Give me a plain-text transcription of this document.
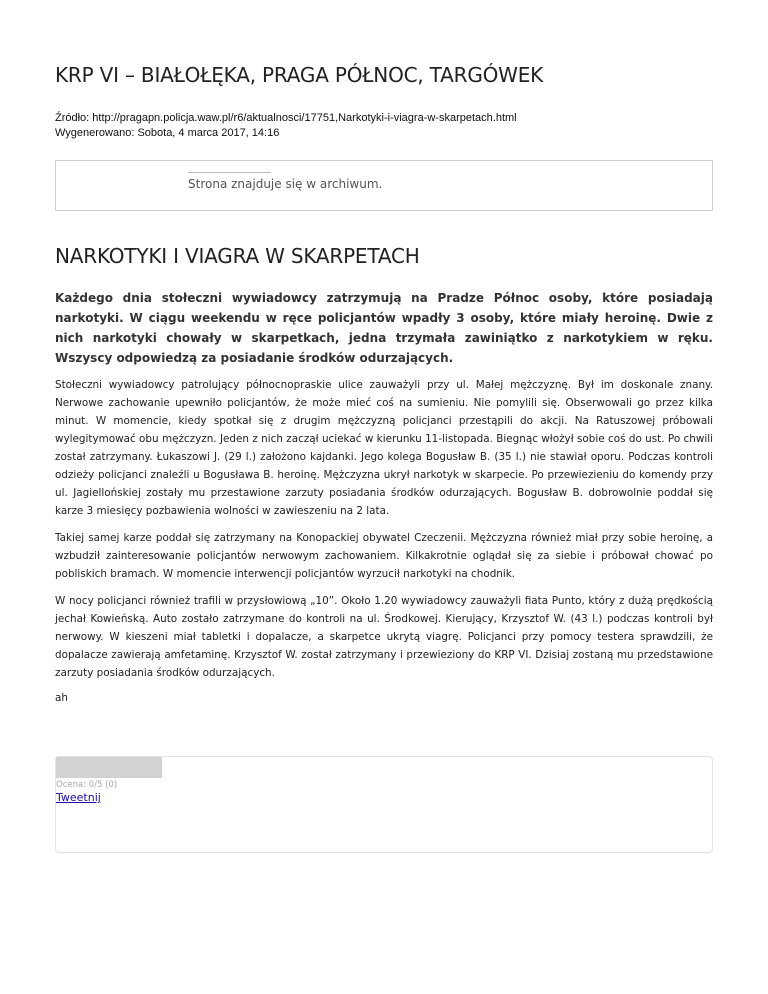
KRP VI – BIAŁOŁĘKA, PRAGA PÓŁNOC, TARGÓWEK
Źródło: http://pragapn.policja.waw.pl/r6/aktualnosci/17751,Narkotyki-i-viagra-w-skarpetach.html
Wygenerowano: Sobota, 4 marca 2017, 14:16
Strona znajduje się w archiwum.
NARKOTYKI I VIAGRA W SKARPETACH

Każdego dnia stołeczni wywiadowcy zatrzymują na Pradze Północ osoby, które posiadają narkotyki. W ciągu weekendu w ręce policjantów wpadły 3 osoby, które miały heroinę. Dwie z nich narkotyki chowały w skarpetkach, jedna trzymała zawiniątko z narkotykiem w ręku. Wszyscy odpowiedzą za posiadanie środków odurzających.

Stołeczni wywiadowcy patrolujący północnopraskie ulice zauważyli przy ul. Małej mężczyznę. Był im doskonale znany. Nerwowe zachowanie upewniło policjantów, że może mieć coś na sumieniu. Nie pomylili się. Obserwowali go przez kilka minut. W momencie, kiedy spotkał się z drugim mężczyzną policjanci przestąpili do akcji. Na Ratuszowej próbowali wylegitymować obu mężczyzn. Jeden z nich zaczął uciekać w kierunku 11-listopada. Biegnąc włożył sobie coś do ust. Po chwili został zatrzymany. Łukaszowi J. (29 l.) założono kajdanki. Jego kolega Bogusław B. (35 l.) nie stawiał oporu. Podczas kontroli odzieży policjanci znaleźli u Bogusława B. heroinę. Mężczyzna ukrył narkotyk w skarpecie. Po przewiezieniu do komendy przy ul. Jagiellońskiej zostały mu przestawione zarzuty posiadania środków odurzających. Bogusław B. dobrowolnie poddał się karze 3 miesięcy pozbawienia wolności w zawieszeniu na 2 lata.

Takiej samej karze poddał się zatrzymany na Konopackiej obywatel Czeczenii. Mężczyzna również miał przy sobie heroinę, a wzbudził zainteresowanie policjantów nerwowym zachowaniem. Kilkakrotnie oglądał się za siebie i próbował chować po pobliskich bramach. W momencie interwencji policjantów wyrzucił narkotyki na chodnik.

W nocy policjanci również trafili w przysłowiową „10”. Około 1.20 wywiadowcy zauważyli fiata Punto, który z dużą prędkością jechał Kowieńską. Auto zostało zatrzymane do kontroli na ul. Środkowej. Kierujący, Krzysztof W. (43 l.) podczas kontroli był nerwowy. W kieszeni miał tabletki i dopalacze, a skarpetce ukrytą viagrę. Policjanci przy pomocy testera sprawdzili, że dopalacze zawierają amfetaminę. Krzysztof W. został zatrzymany i przewieziony do KRP VI. Dzisiaj zostaną mu przedstawione zarzuty posiadania środków odurzających.

ah
Ocena: 0/5 (0)
Tweetnij
